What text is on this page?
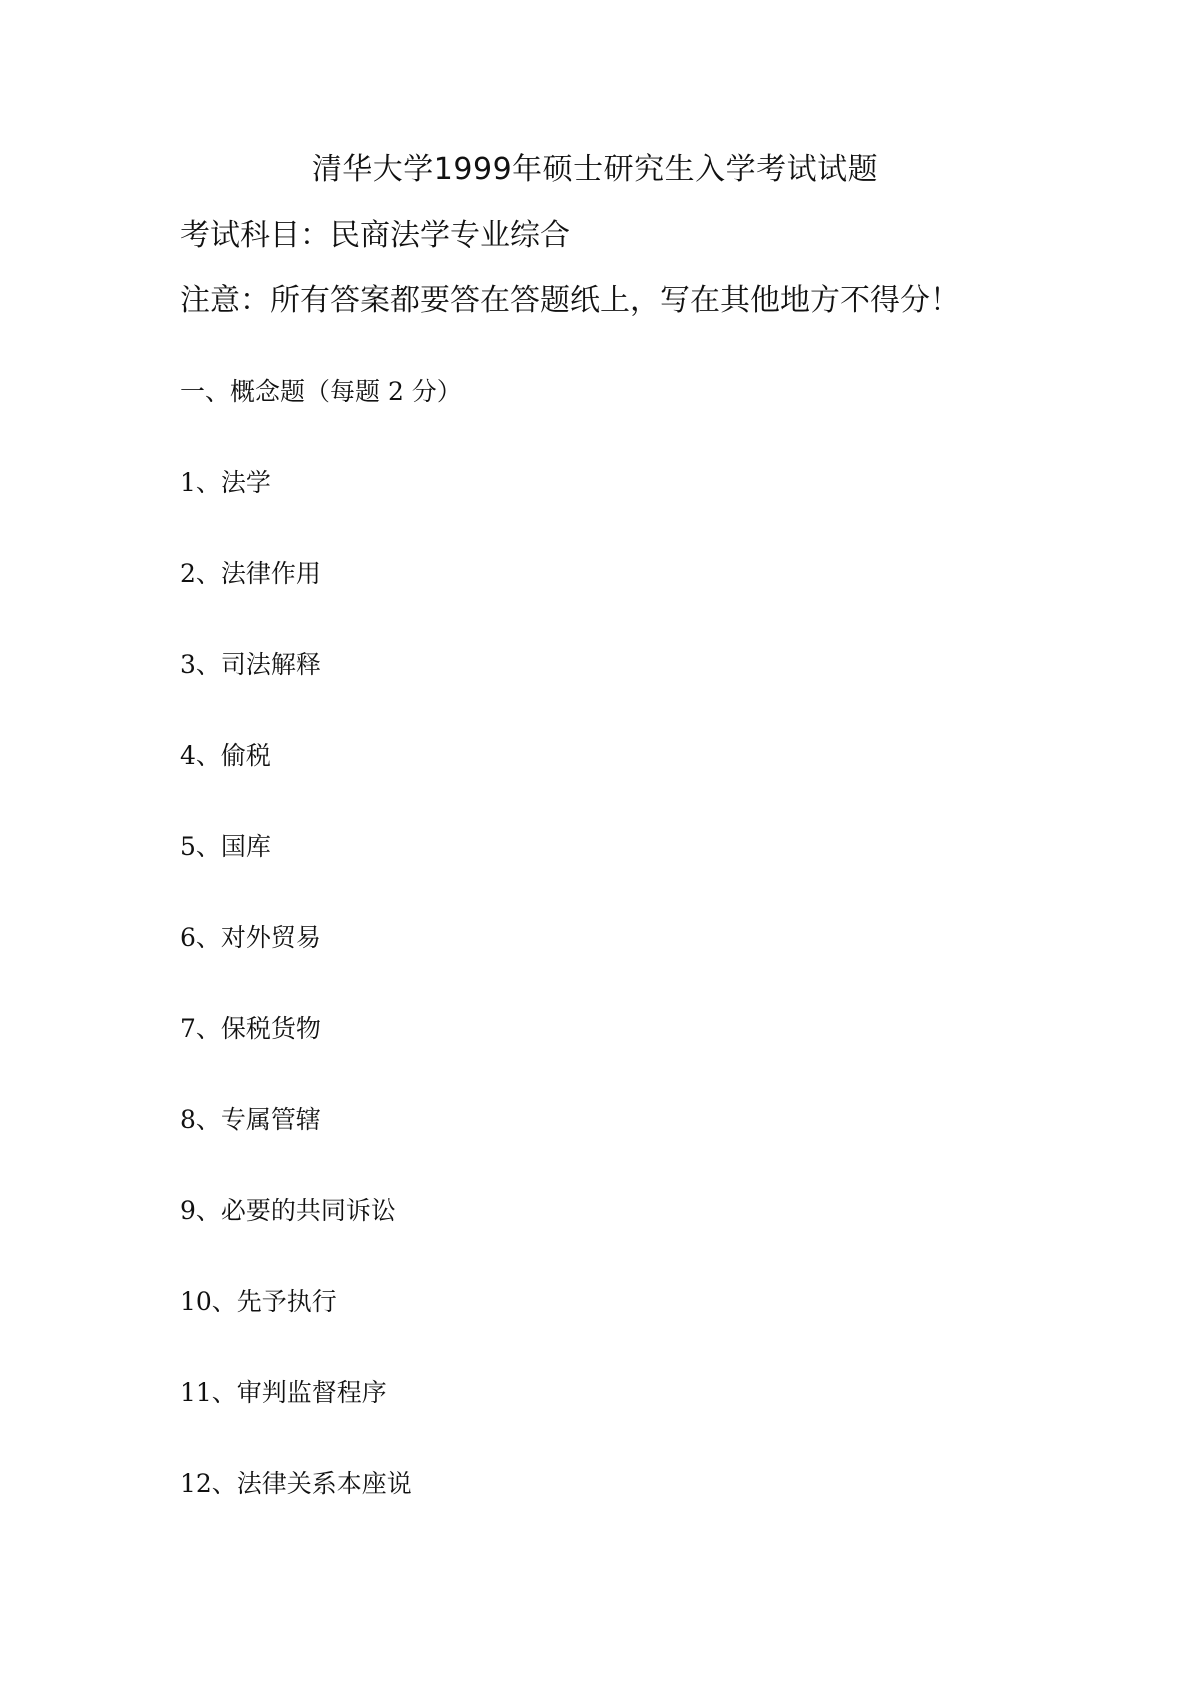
清华大学1999年硕士研究生入学考试试题
考试科目：民商法学专业综合
注意：所有答案都要答在答题纸上，写在其他地方不得分！
一、概念题（每题 2 分）
1、法学
2、法律作用
3、司法解释
4、偷税
5、国库
6、对外贸易
7、保税货物
8、专属管辖
9、必要的共同诉讼
10、先予执行
11、审判监督程序
12、法律关系本座说
